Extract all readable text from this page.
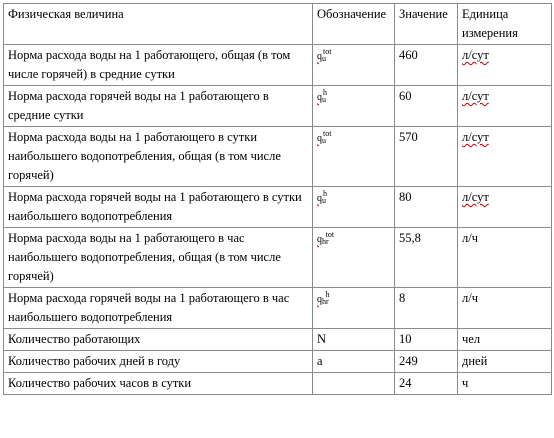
Физическая величина	Обозначение	Значение	Единица измерения
Норма расхода воды на 1 работающего, общая (в том числе горячей) в средние сутки	$q_u^{tot}$	460	л/сут
Норма расхода горячей воды на 1 работающего в средние сутки	$q_u^h$	60	л/сут
Норма расхода воды на 1 работающего в сутки наибольшего водопотребления, общая (в том числе горячей)	$q_u^{tot}$	570	л/сут
Норма расхода горячей воды на 1 работающего в сутки наибольшего водопотребления	$q_u^h$	80	л/сут
Норма расхода воды на 1 работающего в час наибольшего водопотребления, общая (в том числе горячей)	$q_{hr}^{tot}$	55,8	л/ч
Норма расхода горячей воды на 1 работающего в час наибольшего водопотребления	$q_{hr}^h$	8	л/ч
Количество работающих	N	10	чел
Количество рабочих дней в году	a	249	дней
Количество рабочих часов в сутки		24	ч
